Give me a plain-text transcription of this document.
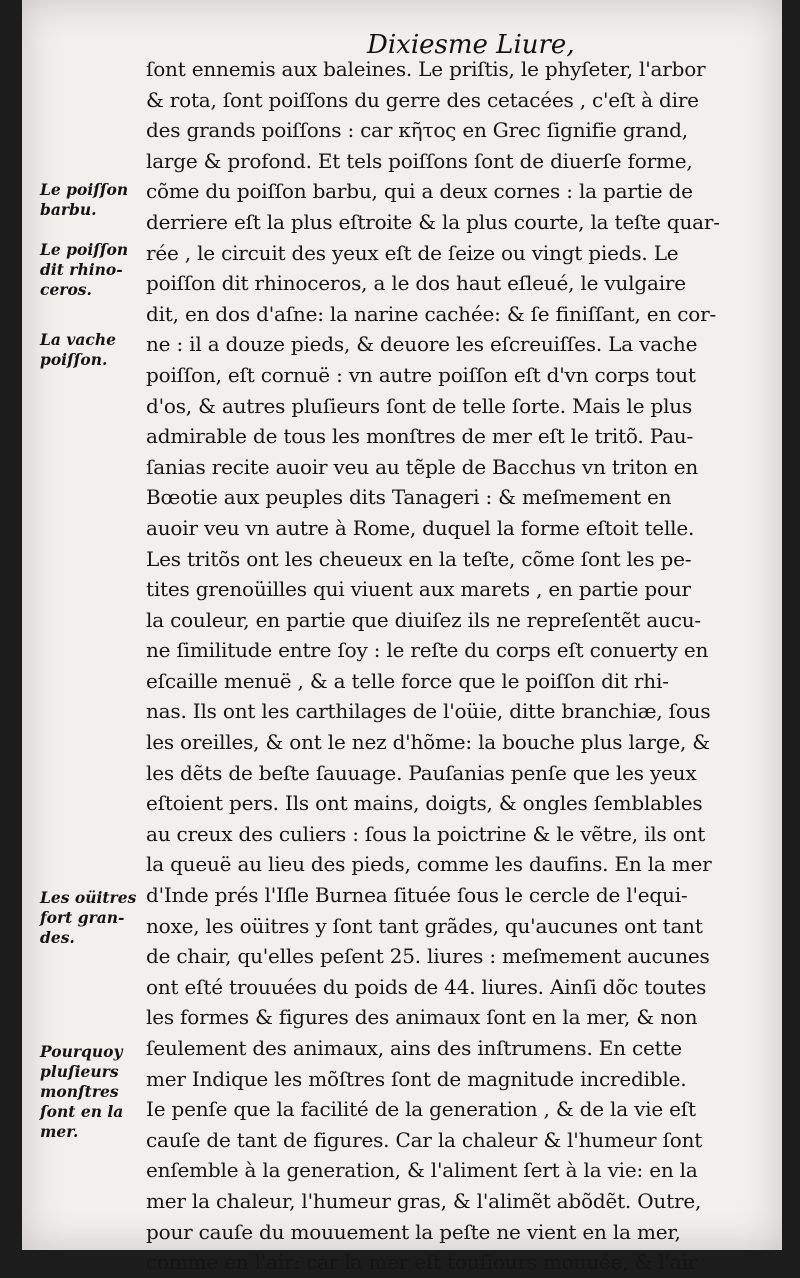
Dixiesme Liure,
ſont ennemis aux baleines. Le priſtis, le phyſeter, l'arbor
& rota, ſont poiſſons du gerre des cetacées , c'eſt à dire
des grands poiſſons : car κῆτος en Grec ſignifie grand,
large & profond. Et tels poiſſons ſont de diuerſe forme,
cõme du poiſſon barbu, qui a deux cornes : la partie de
derriere eſt la plus eſtroite & la plus courte, la teſte quar-
rée , le circuit des yeux eſt de ſeize ou vingt pieds. Le
poiſſon dit rhinoceros, a le dos haut eſleué, le vulgaire
dit, en dos d'aſne: la narine cachée: & ſe finiſſant, en cor-
ne : il a douze pieds, & deuore les eſcreuiſſes. La vache
poiſſon, eſt cornuë : vn autre poiſſon eſt d'vn corps tout
d'os, & autres pluſieurs ſont de telle ſorte. Mais le plus
admirable de tous les monſtres de mer eſt le tritõ. Pau-
ſanias recite auoir veu au tẽple de Bacchus vn triton en
Bœotie aux peuples dits Tanageri : & meſmement en
auoir veu vn autre à Rome, duquel la forme eſtoit telle.
Les tritõs ont les cheueux en la teſte, cõme ſont les pe-
tites grenoüilles qui viuent aux marets , en partie pour
la couleur, en partie que diuiſez ils ne repreſentẽt aucu-
ne ſimilitude entre ſoy : le reſte du corps eſt conuerty en
eſcaille menuë , & a telle force que le poiſſon dit rhi-
nas. Ils ont les carthilages de l'oüie, ditte branchiæ, ſous
les oreilles, & ont le nez d'hõme: la bouche plus large, &
les dẽts de beſte ſauuage. Pauſanias penſe que les yeux
eſtoient pers. Ils ont mains, doigts, & ongles ſemblables
au creux des culiers : ſous la poictrine & le vẽtre, ils ont
la queuë au lieu des pieds, comme les daufins. En la mer
d'Inde prés l'Iſle Burnea ſituée ſous le cercle de l'equi-
noxe, les oüitres y ſont tant grãdes, qu'aucunes ont tant
de chair, qu'elles peſent 25. liures : meſmement aucunes
ont eſté trouuées du poids de 44. liures. Ainſi dõc toutes
les formes & figures des animaux ſont en la mer, & non
ſeulement des animaux, ains des inſtrumens. En cette
mer Indique les mõſtres ſont de magnitude incredible.
Ie penſe que la facilité de la generation , & de la vie eſt
cauſe de tant de figures. Car la chaleur & l'humeur ſont
enſemble à la generation, & l'aliment ſert à la vie: en la
mer la chaleur, l'humeur gras, & l'alimẽt abõdẽt. Outre,
pour cauſe du mouuement la peſte ne vient en la mer,
comme en l'air: car la mer eſt touſiours mouuée, & l'air
Le poiſſon
barbu.
Le poiſſon
dit rhino-
ceros.
La vache
poiſſon.
Les oüitres
fort gran-
des.
Pourquoy
pluſieurs
monſtres
ſont en la
mer.
